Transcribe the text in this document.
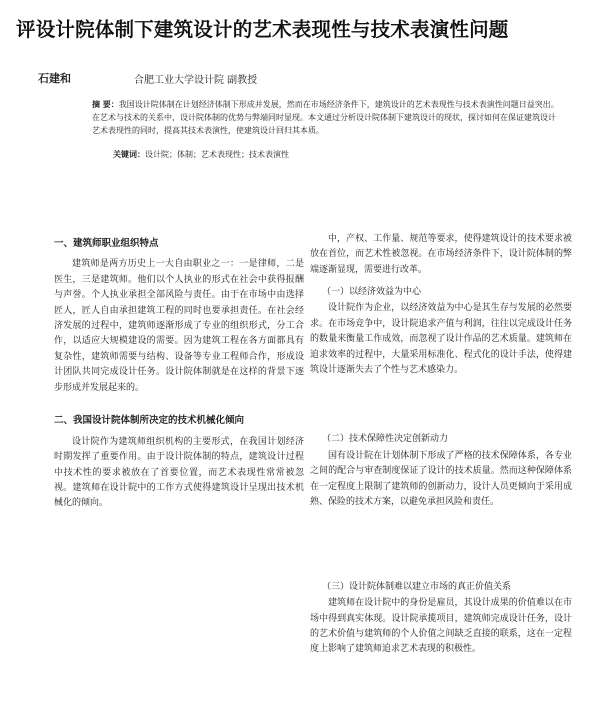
评设计院体制下建筑设计的艺术表现性与技术表演性问题
石建和	合肥工业大学设计院 副教授
摘 要：我国设计院体制在计划经济体制下形成并发展，然而在市场经济条件下，建筑设计的艺术表现性与技术表演性问题日益突出。在艺术与技术的关系中，设计院体制的优势与弊端同时显现。本文通过分析设计院体制下建筑设计的现状，探讨如何在保证建筑设计艺术表现性的同时，提高其技术表演性，使建筑设计回归其本质。
关键词：设计院；体制；艺术表现性；技术表演性
一、建筑师职业组织特点

建筑师是两方历史上一大自由职业之一：一是律师，二是医生，三是建筑师。他们以个人执业的形式在社会中获得报酬与声誉。个人执业承担全部风险与责任。由于在市场中由选择匠人，匠人自由承担建筑工程的同时也要承担责任。在社会经济发展的过程中，建筑师逐渐形成了专业的组织形式，分工合作，以适应大规模建设的需要。因为建筑工程在各方面都具有复杂性，建筑师需要与结构、设备等专业工程师合作，形成设计团队共同完成设计任务。设计院体制就是在这样的背景下逐步形成并发展起来的。

二、我国设计院体制所决定的技术机械化倾向

设计院作为建筑师组织机构的主要形式，在我国计划经济时期发挥了重要作用。由于设计院体制的特点，建筑设计过程中技术性的要求被放在了首要位置，而艺术表现性常常被忽视。建筑师在设计院中的工作方式使得建筑设计呈现出技术机械化的倾向。

中，产权、工作量、规范等要求，使得建筑设计的技术要求被放在首位，而艺术性被忽视。在市场经济条件下，设计院体制的弊端逐渐显现，需要进行改革。

（一）以经济效益为中心

设计院作为企业，以经济效益为中心是其生存与发展的必然要求。在市场竞争中，设计院追求产值与利润，往往以完成设计任务的数量来衡量工作成效，而忽视了设计作品的艺术质量。建筑师在追求效率的过程中，大量采用标准化、程式化的设计手法，使得建筑设计逐渐失去了个性与艺术感染力。

（二）技术保障性决定创新动力

国有设计院在计划体制下形成了严格的技术保障体系，各专业之间的配合与审查制度保证了设计的技术质量。然而这种保障体系在一定程度上限制了建筑师的创新动力，设计人员更倾向于采用成熟、保险的技术方案，以避免承担风险和责任。

（三）设计院体制难以建立市场的真正价值关系

建筑师在设计院中的身份是雇员，其设计成果的价值难以在市场中得到真实体现。设计院承揽项目，建筑师完成设计任务，设计的艺术价值与建筑师的个人价值之间缺乏直接的联系，这在一定程度上影响了建筑师追求艺术表现的积极性。
